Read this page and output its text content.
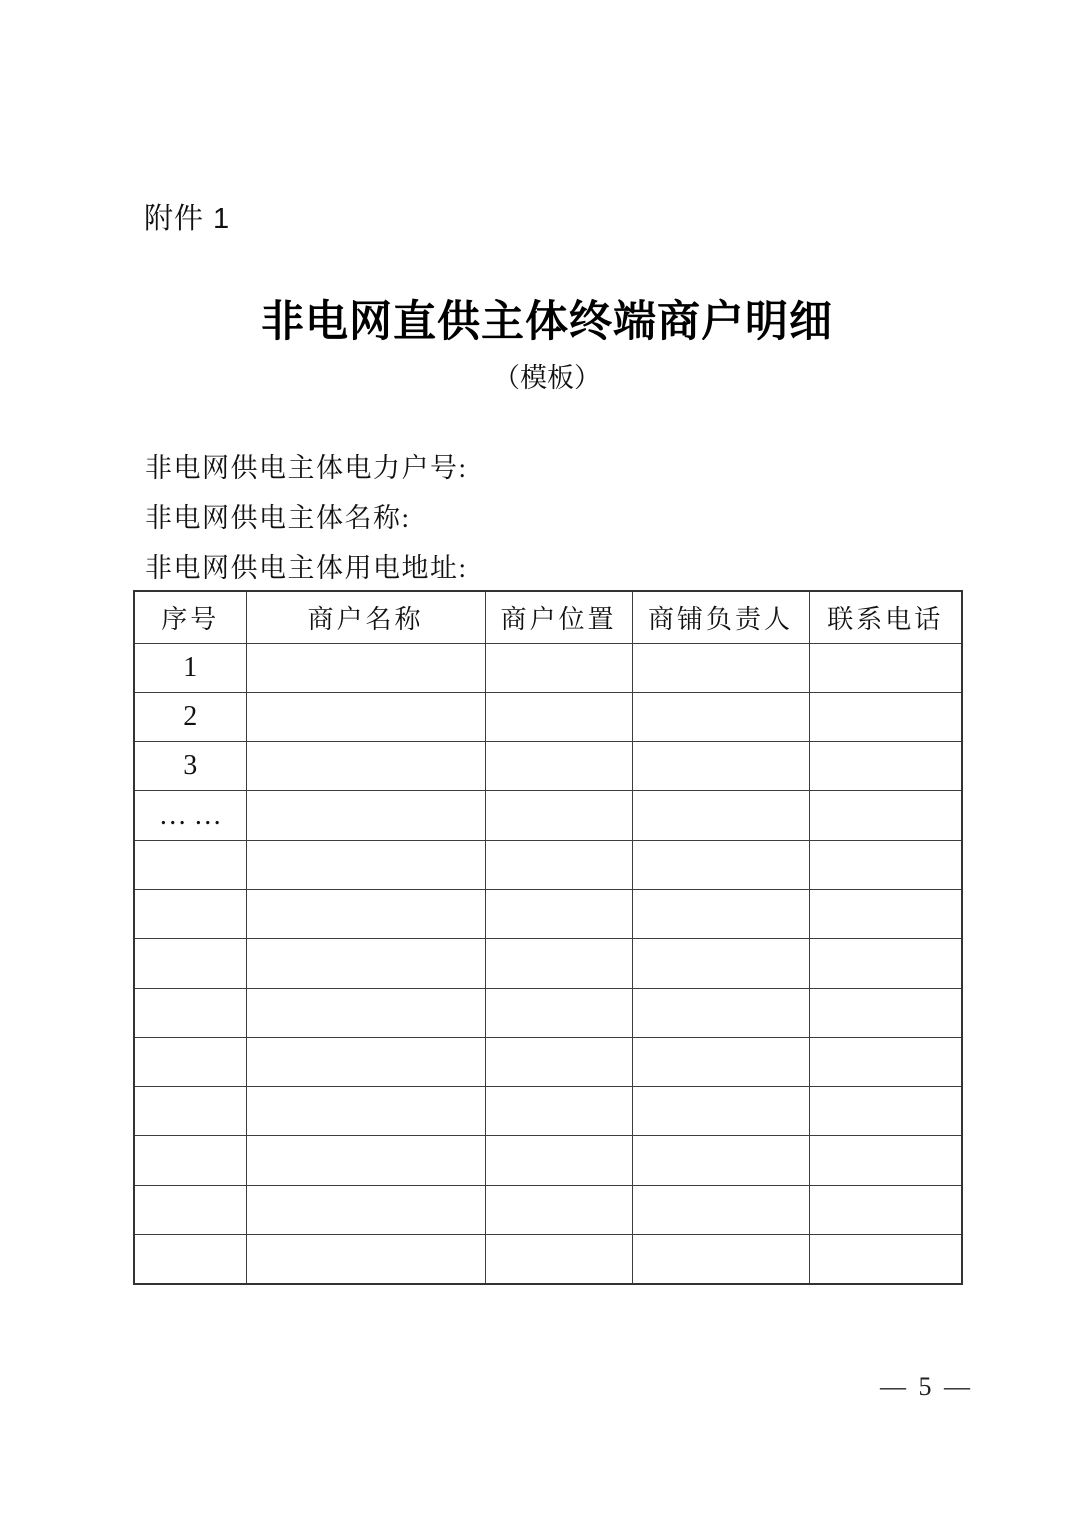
附件 1
非电网直供主体终端商户明细
（模板）
非电网供电主体电力户号:
非电网供电主体名称:
非电网供电主体用电地址:
序号	商户名称	商户位置	商铺负责人	联系电话
1				
2				
3				
… …				

— 5 —
